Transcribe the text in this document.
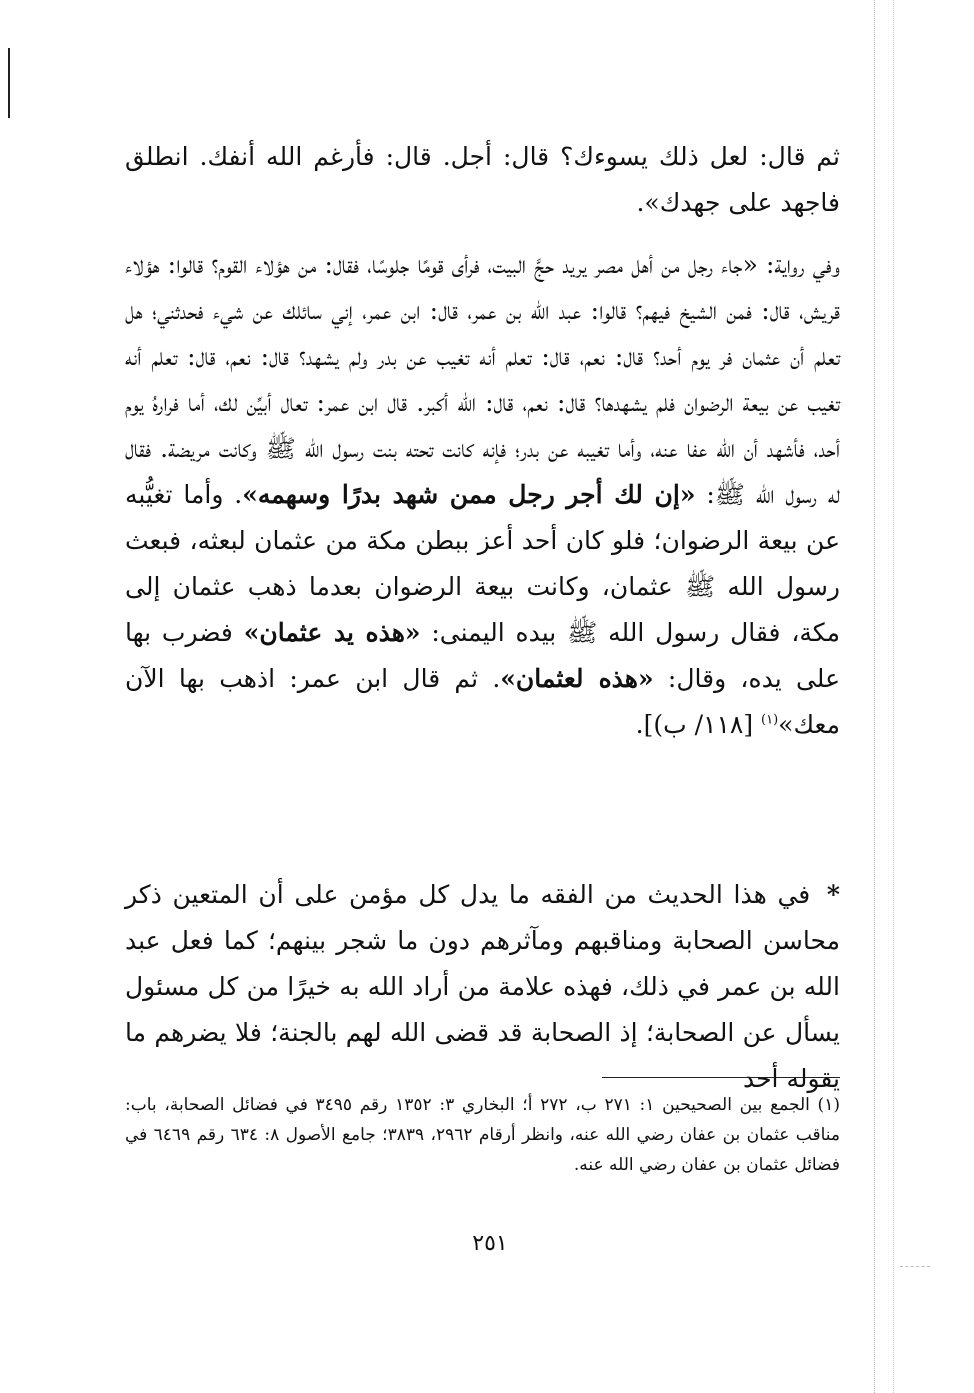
ثم قال: لعل ذلك يسوءك؟ قال: أجل. قال: فأرغم الله أنفك. انطلق فاجهد على جهدك».
وفي رواية: «جاء رجل من أهل مصر يريد حجَّ البيت، فرأى قومًا جلوسًا، فقال: من هؤلاء القوم؟ قالوا: هؤلاء قريش، قال: فمن الشيخ فيهم؟ قالوا: عبد الله بن عمر، قال: ابن عمر، إني سائلك عن شيء فحدثني؛ هل تعلم أن عثمان فر يوم أحد؟ قال: نعم، قال: تعلم أنه تغيب عن بدر ولم يشهد؟ قال: نعم، قال: تعلم أنه تغيب عن بيعة الرضوان فلم يشهدها؟ قال: نعم، قال: الله أكبر. قال ابن عمر: تعال أبيِّن لك، أما فرارهُ يوم أحد، فأشهد أن الله عفا عنه، وأما تغيبه عن بدر؛ فإنه كانت تحته بنت رسول الله ﷺ وكانت مريضة. فقال له رسول الله ﷺ: «إن لك أجر رجل ممن شهد بدرًا وسهمه». وأما تغيُّبه عن بيعة الرضوان؛ فلو كان أحد أعز ببطن مكة من عثمان لبعثه، فبعث رسول الله ﷺ عثمان، وكانت بيعة الرضوان بعدما ذهب عثمان إلى مكة، فقال رسول الله ﷺ بيده اليمنى: «هذه يد عثمان» فضرب بها على يده، وقال: «هذه لعثمان». ثم قال ابن عمر: اذهب بها الآن معك»$^{(١)}$ [١١٨/ ب)].
* في هذا الحديث من الفقه ما يدل كل مؤمن على أن المتعين ذكر محاسن الصحابة ومناقبهم ومآثرهم دون ما شجر بينهم؛ كما فعل عبد الله بن عمر في ذلك، فهذه علامة من أراد الله به خيرًا من كل مسئول يسأل عن الصحابة؛ إذ الصحابة قد قضى الله لهم بالجنة؛ فلا يضرهم ما يقوله أحد
(١) الجمع بين الصحيحين ١: ٢٧١ ب، ٢٧٢ أ؛ البخاري ٣: ١٣٥٢ رقم ٣٤٩٥ في فضائل الصحابة، باب: مناقب عثمان بن عفان رضي الله عنه، وانظر أرقام ٢٩٦٢، ٣٨٣٩؛ جامع الأصول ٨: ٦٣٤ رقم ٦٤٦٩ في فضائل عثمان بن عفان رضي الله عنه.
٢٥١
